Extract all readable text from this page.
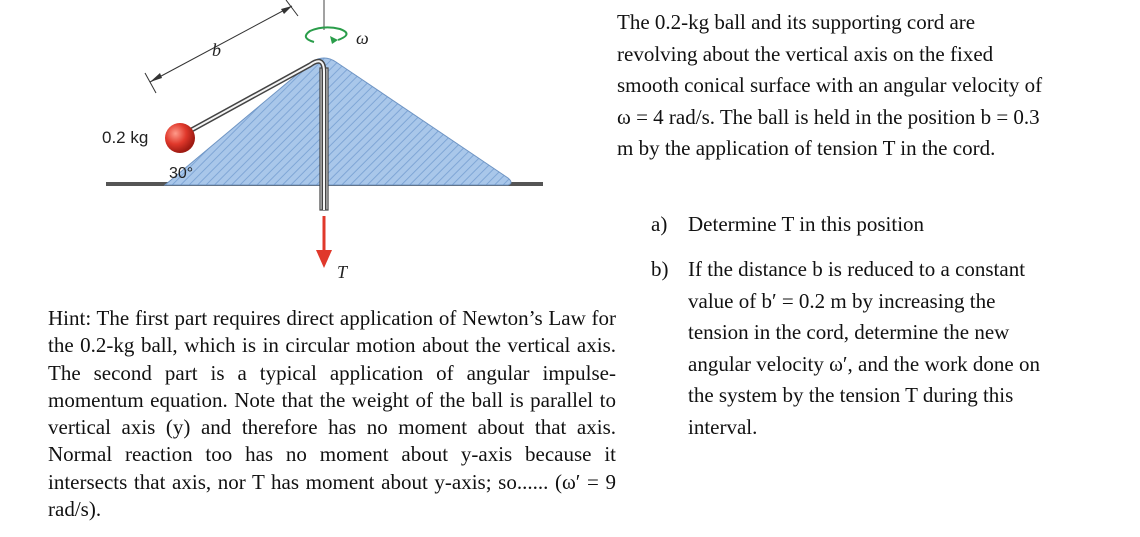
b
ω
0.2 kg
30°
T
The 0.2-kg ball and its supporting cord are revolving about the vertical axis on the fixed smooth conical surface with an angular velocity of ω = 4 rad/s. The ball is held in the position b = 0.3 m by the application of tension T in the cord.
a) Determine T in this position
b) If the distance b is reduced to a constant value of b′ = 0.2 m by increasing the tension in the cord, determine the new angular velocity ω′, and the work done on the system by the tension T during this interval.
Hint: The first part requires direct application of Newton’s Law for the 0.2-kg ball, which is in circular motion about the vertical axis. The second part is a typical application of angular impulse-momentum equation. Note that the weight of the ball is parallel to vertical axis (y) and therefore has no moment about that axis. Normal reaction too has no moment about y-axis because it intersects that axis, nor T has moment about y-axis; so...... (ω′ = 9 rad/s).
